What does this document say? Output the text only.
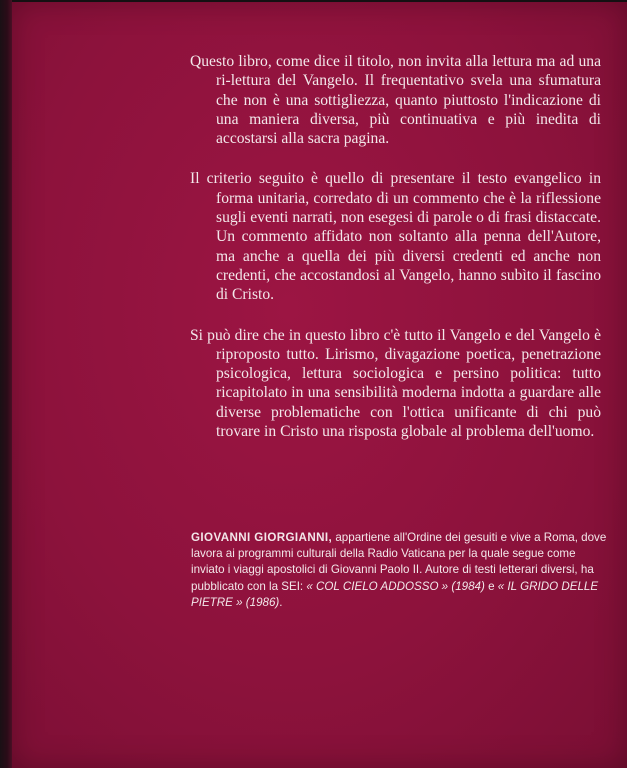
Questo libro, come dice il titolo, non invita alla lettura ma ad una ri-lettura del Vangelo. Il frequentativo svela una sfumatura che non è una sottigliezza, quanto piuttosto l'indicazione di una maniera diversa, più continuativa e più inedita di accostarsi alla sacra pagina.

Il criterio seguito è quello di presentare il testo evangelico in forma unitaria, corredato di un commento che è la riflessione sugli eventi narrati, non esegesi di parole o di frasi distaccate. Un commento affidato non soltanto alla penna dell'Autore, ma anche a quella dei più diversi credenti ed anche non credenti, che accostandosi al Vangelo, hanno subìto il fascino di Cristo.

Si può dire che in questo libro c'è tutto il Vangelo e del Vangelo è riproposto tutto. Lirismo, divagazione poetica, penetrazione psicologica, lettura sociologica e persino politica: tutto ricapitolato in una sensibilità moderna indotta a guardare alle diverse problematiche con l'ottica unificante di chi può trovare in Cristo una risposta globale al problema dell'uomo.

GIOVANNI GIORGIANNI, appartiene all'Ordine dei gesuiti e vive a Roma, dove lavora ai programmi culturali della Radio Vaticana per la quale segue come inviato i viaggi apostolici di Giovanni Paolo II. Autore di testi letterari diversi, ha pubblicato con la SEI: « COL CIELO ADDOSSO » (1984) e « IL GRIDO DELLE PIETRE » (1986).
